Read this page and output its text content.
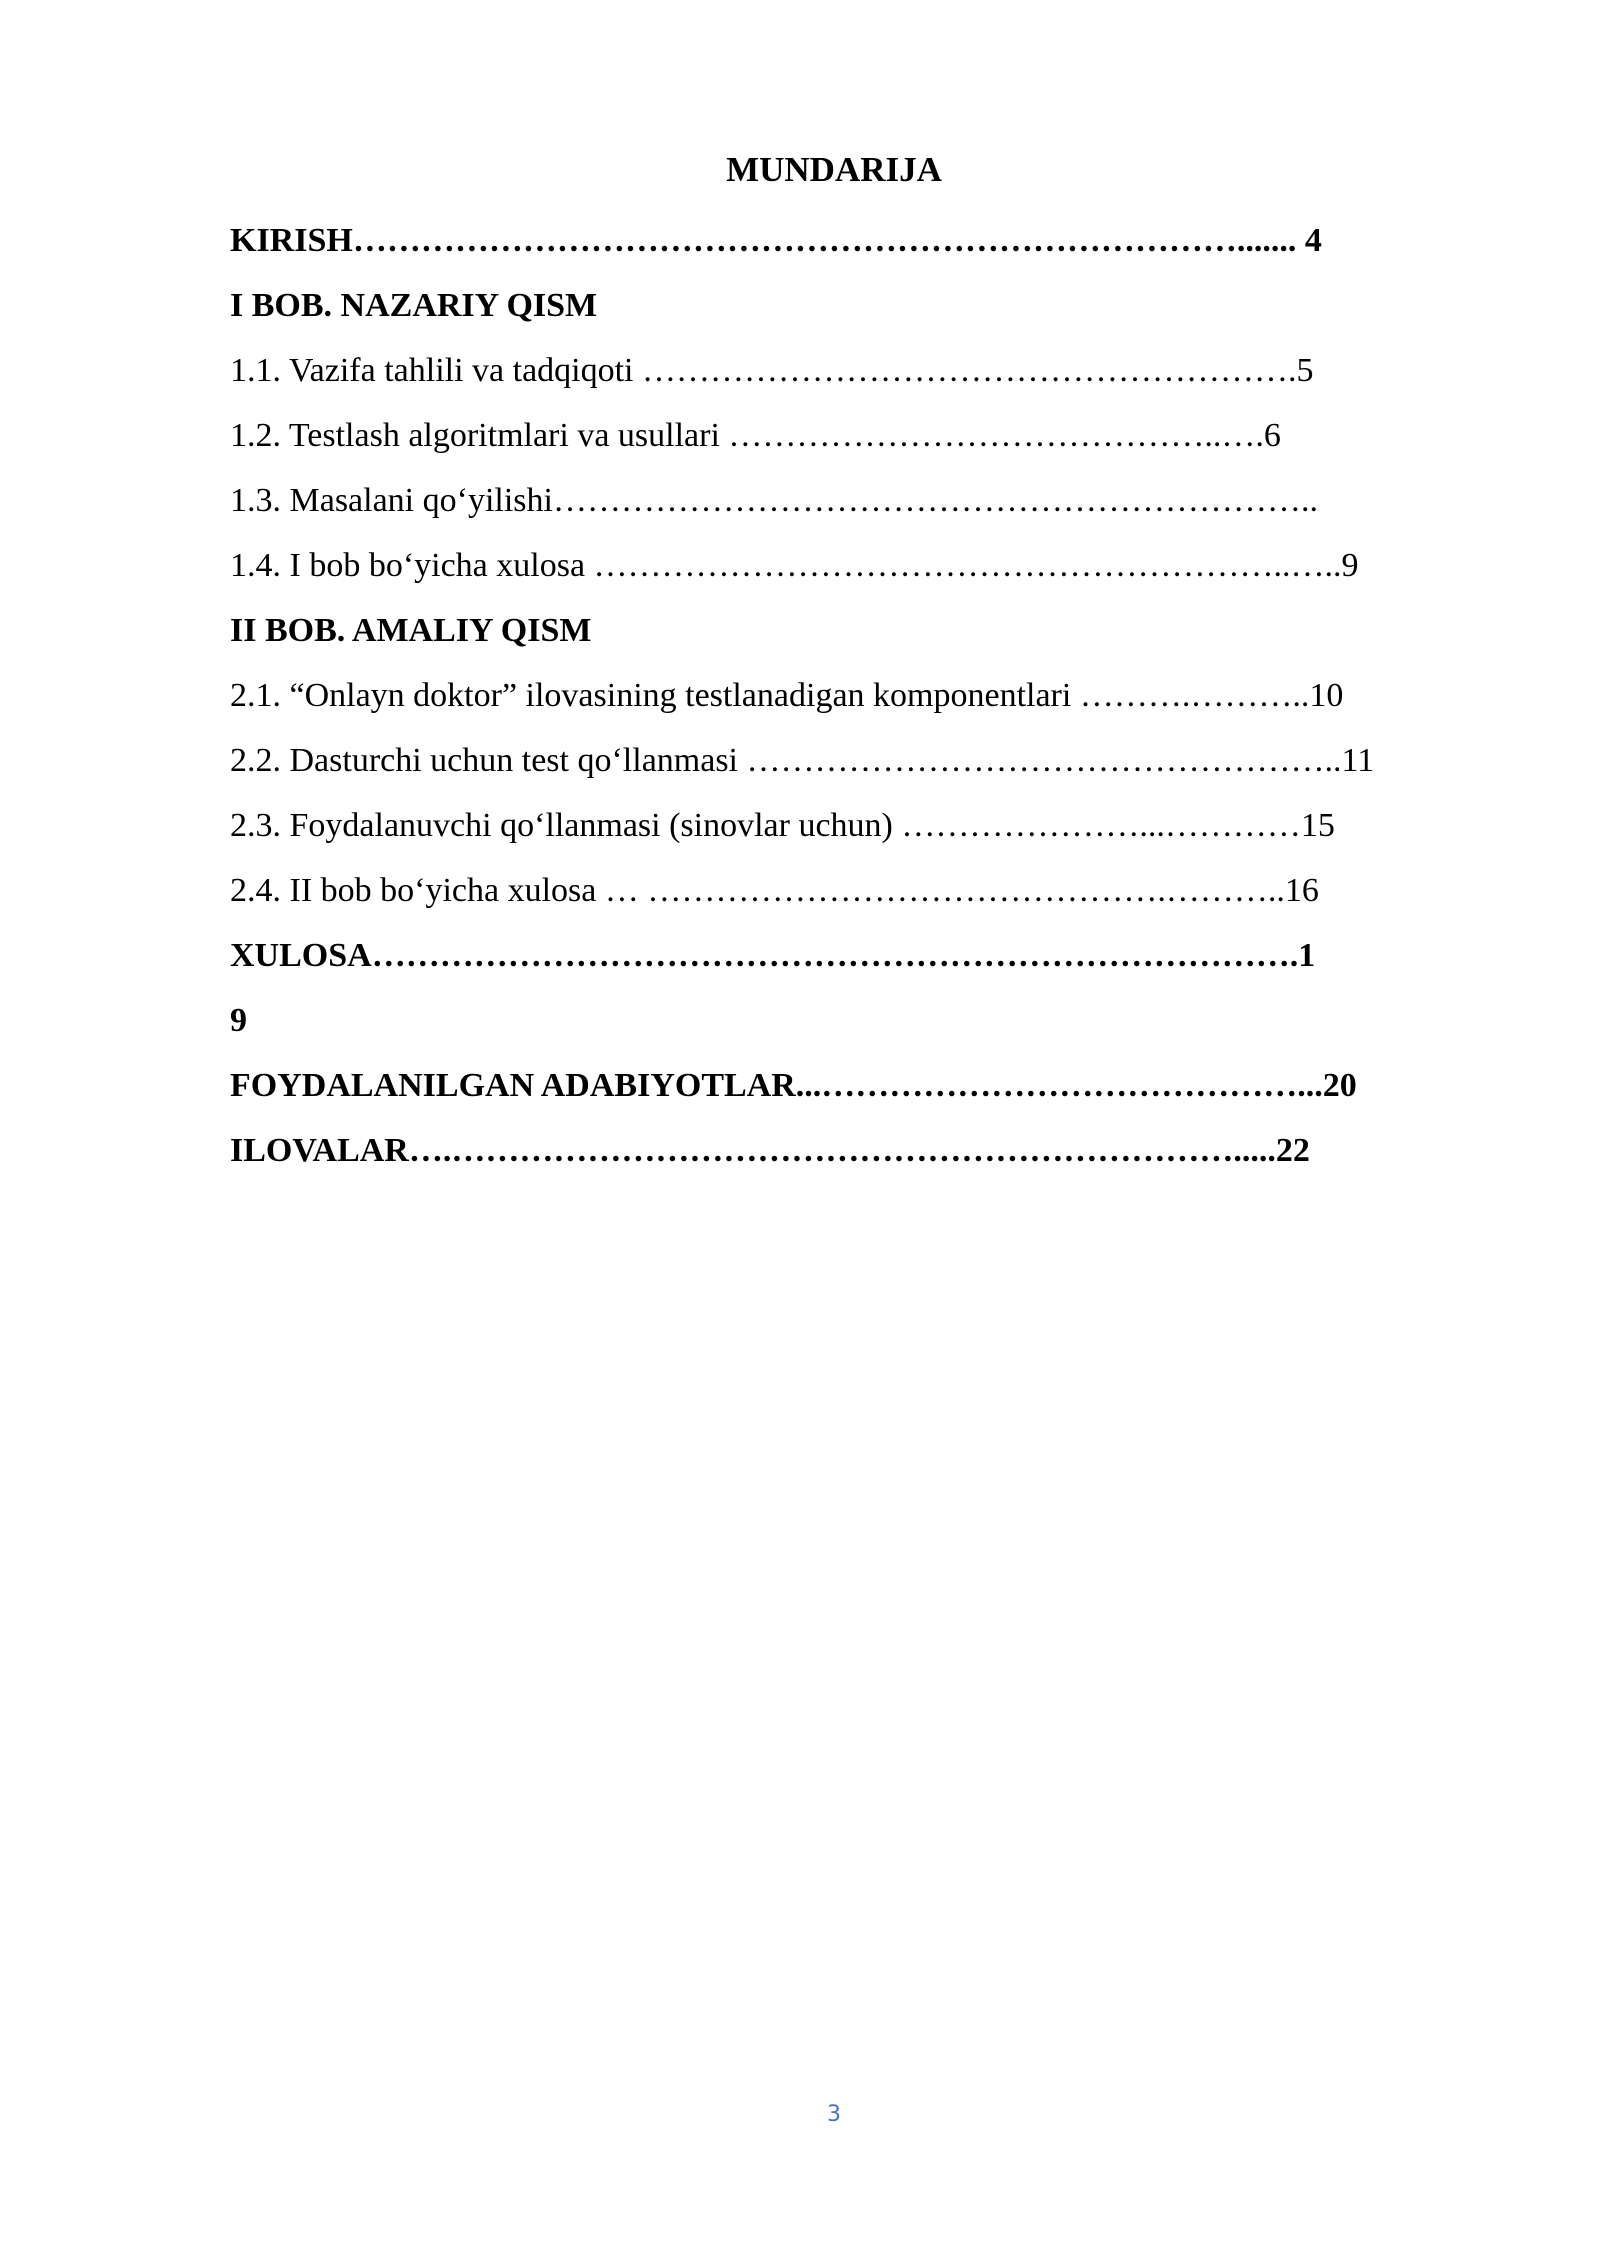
MUNDARIJA
KIRISH……………………………………………………………………....... 4
I BOB. NAZARIY QISM
1.1. Vazifa tahlili va tadqiqoti ………………………………………………….5
1.2. Testlash algoritmlari va usullari ……………………………………..….6
1.3. Masalani qo‘yilishi…………………………………………………………..
1.4. I bob bo‘yicha xulosa ……………………………………………………..…..9
II BOB. AMALIY QISM
2.1. “Onlayn doktor” ilovasining testlanadigan komponentlari ……….………..10
2.2. Dasturchi uchun test qo‘llanmasi ……………………………………………..11
2.3. Foydalanuvchi qo‘llanmasi (sinovlar uchun) …………………...…………15
2.4. II bob bo‘yicha xulosa … ……………………………………….………..16
XULOSA……………………………………………………………………….1
9
FOYDALANILGAN ADABIYOTLAR...……………………………………...20
ILOVALAR….…………………………………………………………….....22
3
